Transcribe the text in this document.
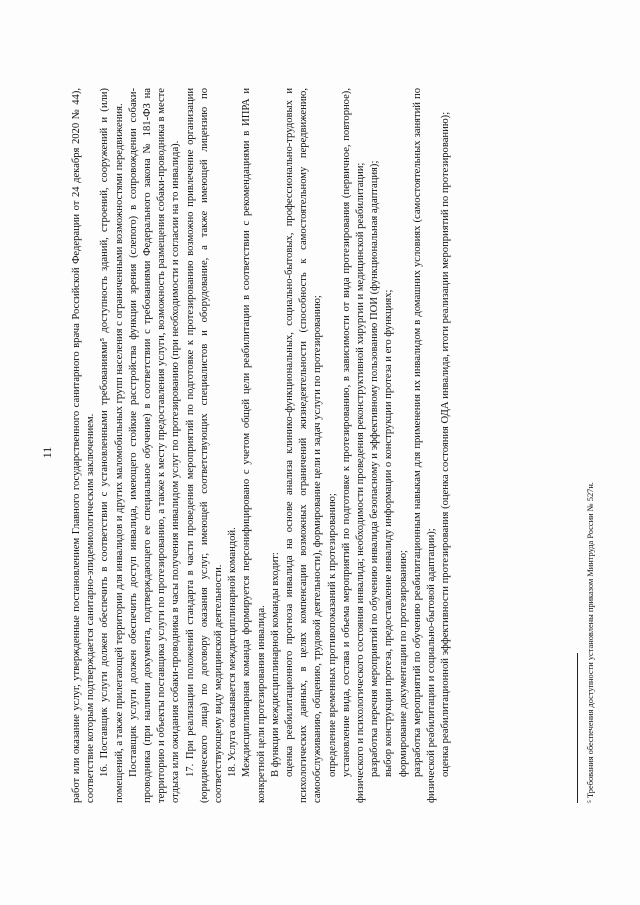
11 работ или оказание услуг, утвержденные постановлением Главного государственного санитарного врача Российской Федерации от 24 декабря 2020 № 44), соответствие которым подтверждается санитарно-эпидемиологическим заключением. 16. Поставщик услуги должен обеспечить в соответствии с установленными требованиями⁵ доступность зданий, строений, сооружений и (или) помещений, а также прилегающей территории для инвалидов и других маломобильных групп населения с ограниченными возможностями передвижения. Поставщик услуги должен обеспечить доступ инвалида, имеющего стойкие расстройства функции зрения (слепого) в сопровождении собаки-проводника (при наличии документа, подтверждающего ее специальное обучение) в соответствии с требованиями Федерального закона № 181-ФЗ на территорию и объекты поставщика услуги по протезированию, а также к месту предоставления услуги, возможность размещения собаки-проводника в месте отдыха или ожидания собаки-проводника в часы получения инвалидом услуг по протезированию (при необходимости и согласии на то инвалида). 17. При реализации положений стандарта в части проведения мероприятий по подготовке к протезированию возможно привлечение организации (юридического лица) по договору оказания услуг, имеющей соответствующих специалистов и оборудование, а также имеющей лицензию по соответствующему виду медицинской деятельности. 18. Услуга оказывается междисциплинарной командой. Междисциплинарная команда формируется персонифицировано с учетом общей цели реабилитации в соответствии с рекомендациями в ИПРА и конкретной цели протезирования инвалида. В функции междисциплинарной команды входит: оценка реабилитационного прогноза инвалида на основе анализа клинико-функциональных, социально-бытовых, профессионально-трудовых и психологических данных, в целях компенсации возможных ограничений жизнедеятельности (способность к самостоятельному передвижению, самообслуживанию, общению, трудовой деятельности), формирование цели и задач услуги по протезированию; определение временных противопоказаний к протезированию; установление вида, состава и объема мероприятий по подготовке к протезированию, в зависимости от вида протезирования (первичное, повторное), физического и психологического состояния инвалида; необходимости проведения реконструктивной хирургии и медицинской реабилитации; разработка перечня мероприятий по обучению инвалида безопасному и эффективному пользованию ПОИ (функциональная адаптация); выбор конструкции протеза, предоставление инвалиду информации о конструкции протеза и его функциях; формирование документации по протезированию; разработка мероприятий по обучению реабилитационным навыкам для применения их инвалидом в домашних условиях (самостоятельных занятий по физической реабилитации и социально-бытовой адаптации); оценка реабилитационной эффективности протезирования (оценка состояния ОДА инвалида, итоги реализации мероприятий по протезированию);	⁵ Требования обеспечения доступности установлены приказом Минтруда России № 527н.
